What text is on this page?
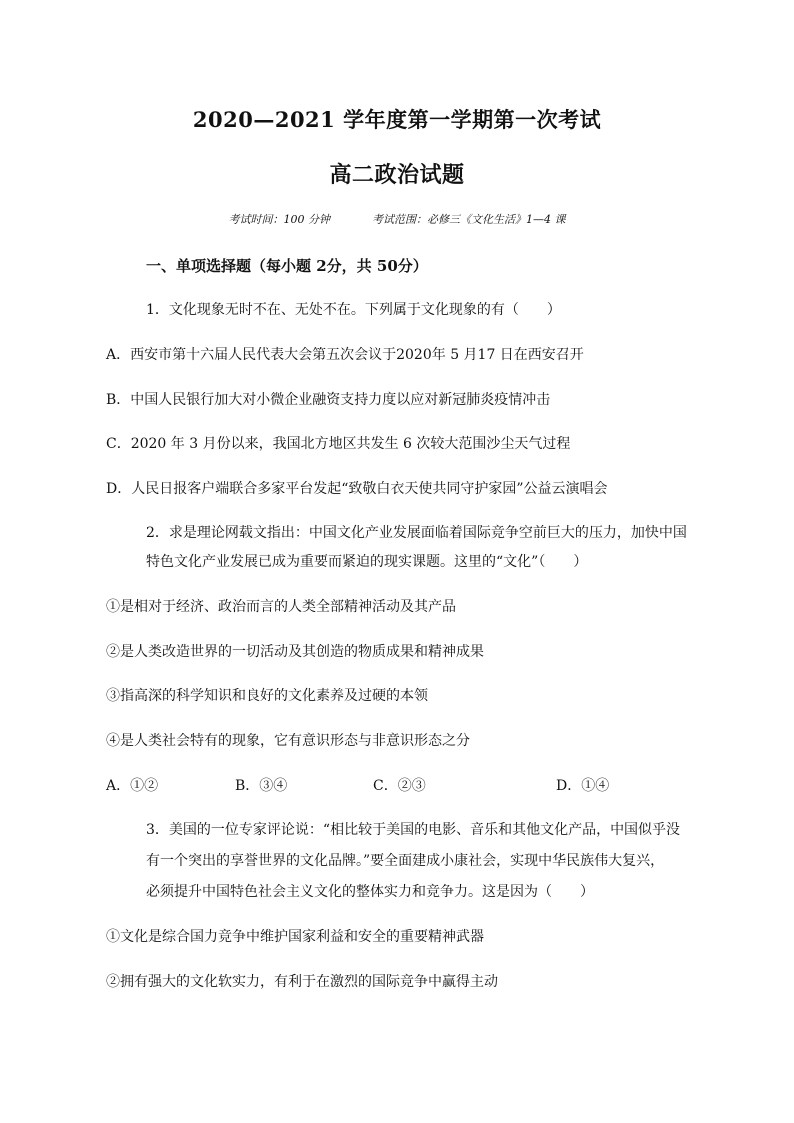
2020—2021 学年度第一学期第一次考试
高二政治试题
考试时间：100 分钟	考试范围：必修三《文化生活》1—4 课
一、单项选择题（每小题 2分，共 50分）
1．文化现象无时不在、无处不在。下列属于文化现象的有（　　）
A．西安市第十六届人民代表大会第五次会议于2020年 5 月17 日在西安召开
B．中国人民银行加大对小微企业融资支持力度以应对新冠肺炎疫情冲击
C．2020 年 3 月份以来，我国北方地区共发生 6 次较大范围沙尘天气过程
D．人民日报客户端联合多家平台发起“致敬白衣天使共同守护家园”公益云演唱会
2．求是理论网载文指出：中国文化产业发展面临着国际竞争空前巨大的压力，加快中国
特色文化产业发展已成为重要而紧迫的现实课题。这里的“文化”（　　）
①是相对于经济、政治而言的人类全部精神活动及其产品
②是人类改造世界的一切活动及其创造的物质成果和精神成果
③指高深的科学知识和良好的文化素养及过硬的本领
④是人类社会特有的现象，它有意识形态与非意识形态之分
A．①②	B．③④	C．②③	D．①④
3．美国的一位专家评论说：“相比较于美国的电影、音乐和其他文化产品，中国似乎没
有一个突出的享誉世界的文化品牌。”要全面建成小康社会，实现中华民族伟大复兴，
必须提升中国特色社会主义文化的整体实力和竞争力。这是因为（　　）
①文化是综合国力竞争中维护国家利益和安全的重要精神武器
②拥有强大的文化软实力，有利于在激烈的国际竞争中赢得主动
